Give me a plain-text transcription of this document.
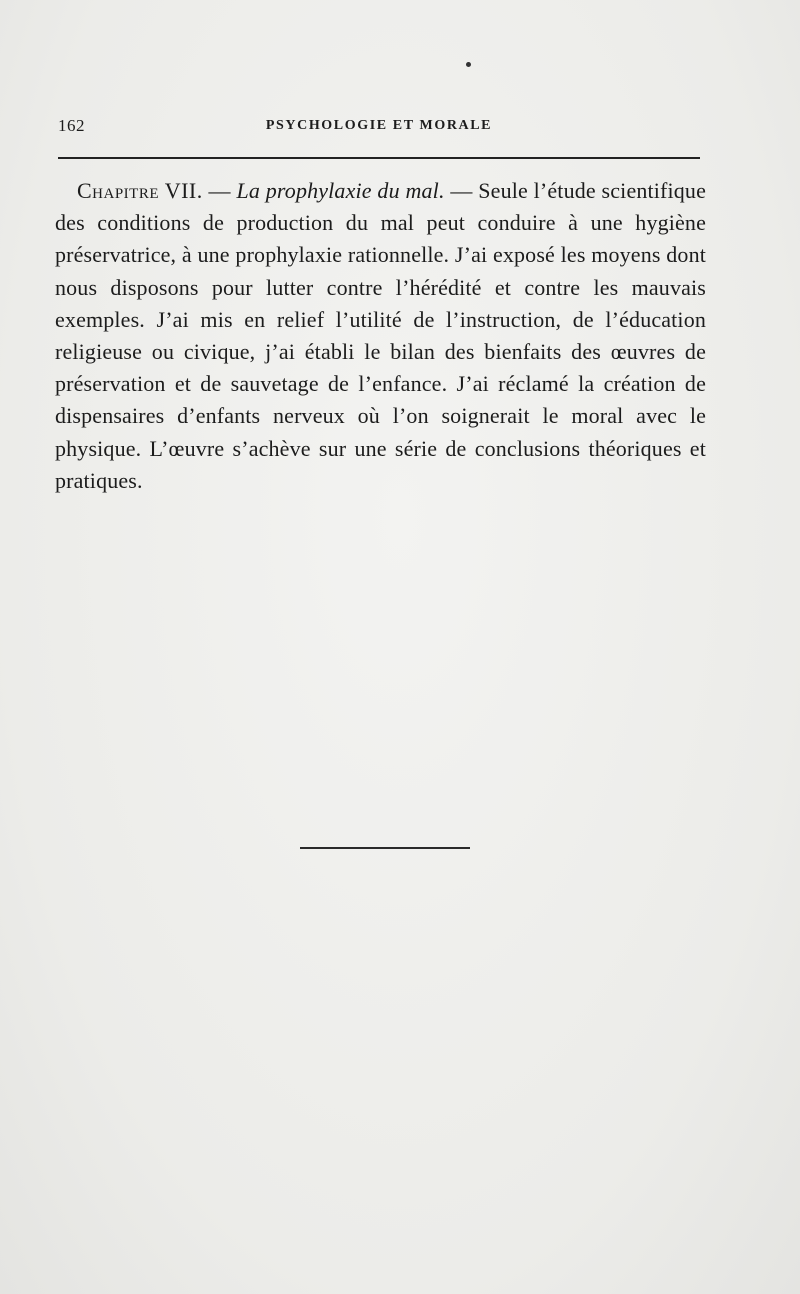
162	PSYCHOLOGIE ET MORALE
Chapitre VII. — La prophylaxie du mal. — Seule l’étude scientifique des conditions de production du mal peut conduire à une hygiène préservatrice, à une prophylaxie rationnelle. J’ai exposé les moyens dont nous disposons pour lutter contre l’hérédité et contre les mauvais exemples. J’ai mis en relief l’utilité de l’instruction, de l’éducation religieuse ou civique, j’ai établi le bilan des bienfaits des œuvres de préservation et de sauvetage de l’enfance. J’ai réclamé la création de dispensaires d’enfants nerveux où l’on soignerait le moral avec le physique. L’œuvre s’achève sur une série de conclusions théoriques et pratiques.
